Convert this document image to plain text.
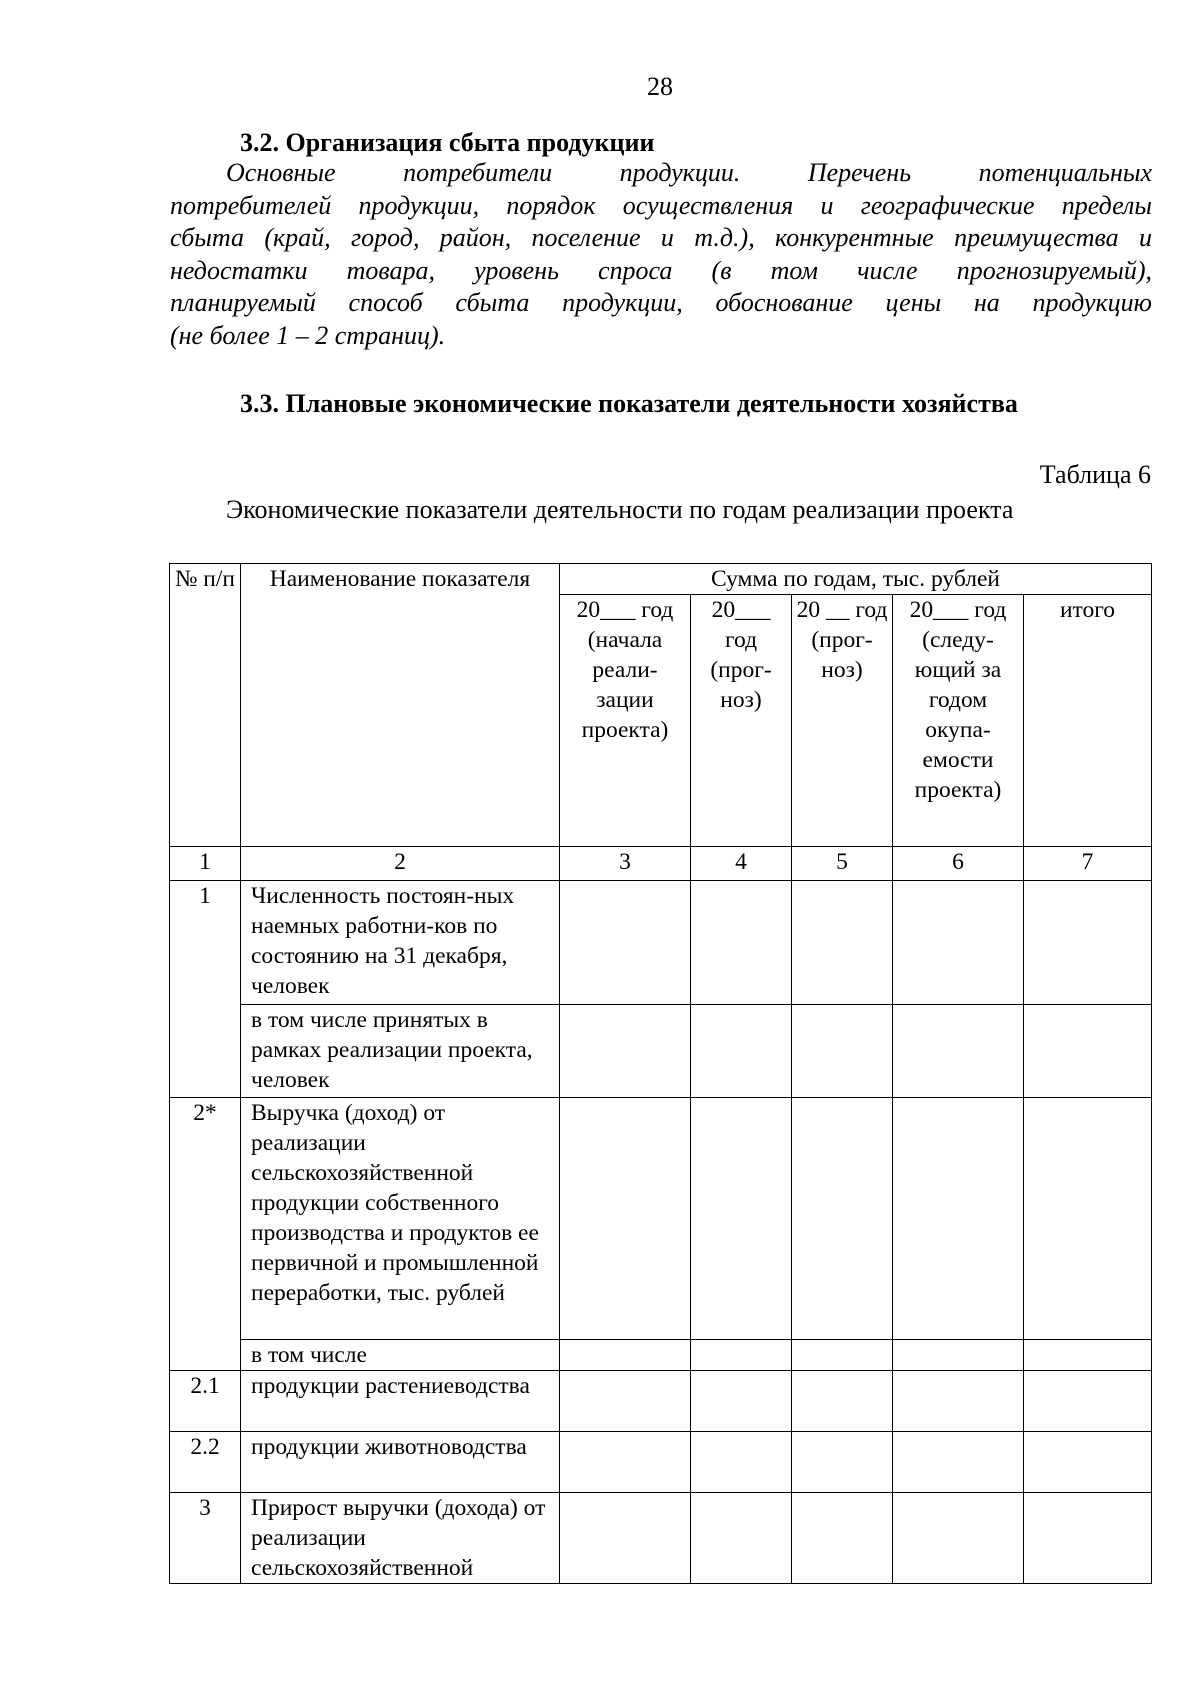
28
3.2. Организация сбыта продукции
Основные потребители продукции. Перечень потенциальных
потребителей продукции, порядок осуществления и географические пределы
сбыта (край, город, район, поселение и т.д.), конкурентные преимущества и
недостатки товара, уровень спроса (в том числе прогнозируемый),
планируемый способ сбыта продукции, обоснование цены на продукцию
(не более 1 – 2 страниц).
3.3. Плановые экономические показатели деятельности хозяйства
Таблица 6
Экономические показатели деятельности по годам реализации проекта
№ п/п	Наименование показателя	Сумма по годам, тыс. рублей				
		20___ год (начала реали-зации проекта)	20___ год (прог-ноз)	20 __ год (прог-ноз)	20___ год (следу-ющий за годом окупа-емости проекта)	итого
1	2	3	4	5	6	7
1	Численность постоян-ных наемных работни-ков по состоянию на 31 декабря, человек					
	в том числе принятых в рамках реализации проекта, человек					
2*	Выручка (доход) от реализации сельскохозяйственной продукции собственного производства и продуктов ее первичной и промышленной переработки, тыс. рублей					
	в том числе					
2.1	продукции растениеводства					
2.2	продукции животноводства					
3	Прирост выручки (дохода) от реализации сельскохозяйственной					
